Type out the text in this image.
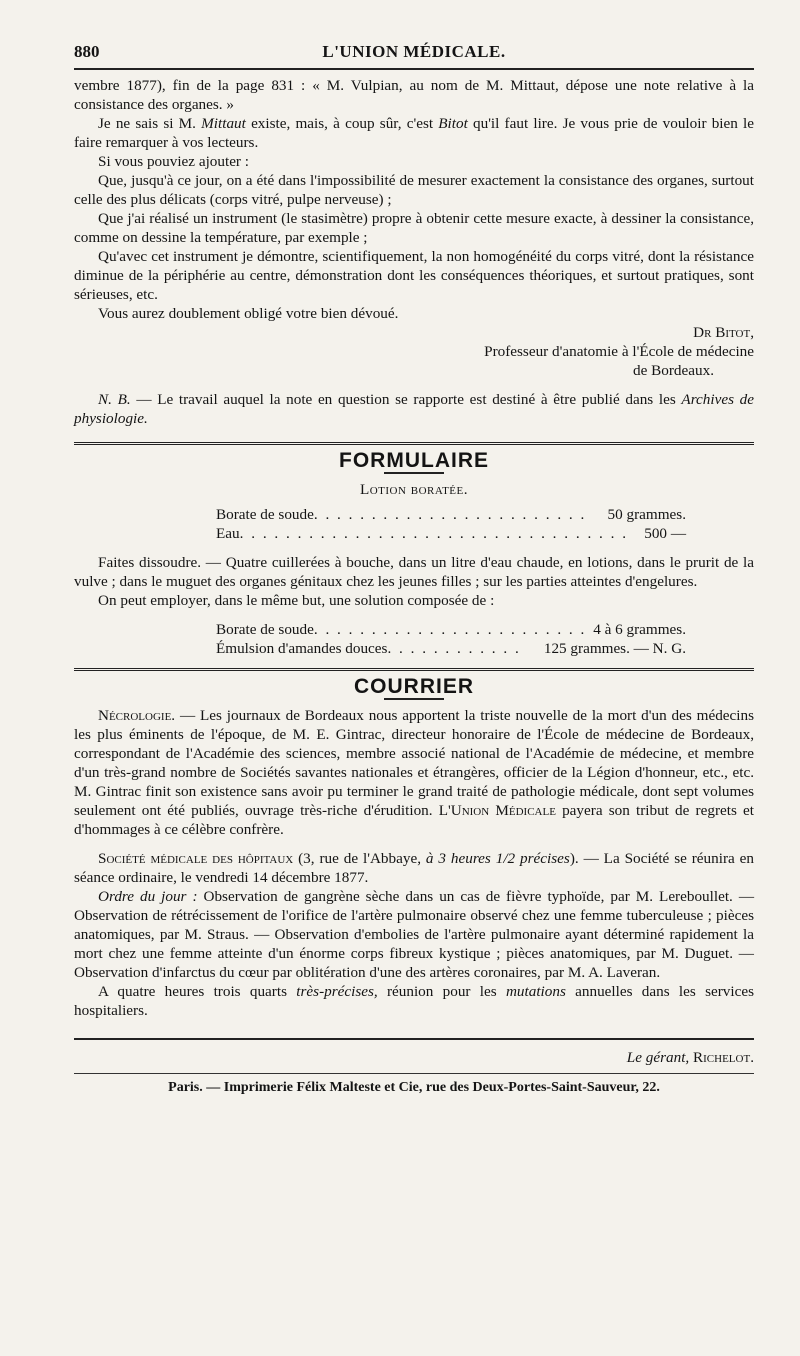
880	L'UNION MÉDICALE.

vembre 1877), fin de la page 831 : « M. Vulpian, au nom de M. Mittaut, dépose une note relative à la consistance des organes. »

Je ne sais si M. Mittaut existe, mais, à coup sûr, c'est Bitot qu'il faut lire. Je vous prie de vouloir bien le faire remarquer à vos lecteurs.

Si vous pouviez ajouter :

Que, jusqu'à ce jour, on a été dans l'impossibilité de mesurer exactement la consistance des organes, surtout celle des plus délicats (corps vitré, pulpe nerveuse) ;

Que j'ai réalisé un instrument (le stasimètre) propre à obtenir cette mesure exacte, à dessiner la consistance, comme on dessine la température, par exemple ;

Qu'avec cet instrument je démontre, scientifiquement, la non homogénéité du corps vitré, dont la résistance diminue de la périphérie au centre, démonstration dont les conséquences théoriques, et surtout pratiques, sont sérieuses, etc.

Vous aurez doublement obligé votre bien dévoué.

Dr Bitot,
Professeur d'anatomie à l'École de médecine
de Bordeaux.

N. B. — Le travail auquel la note en question se rapporte est destiné à être publié dans les Archives de physiologie.

FORMULAIRE
Lotion boratée.
Borate de soude . . . . . . . . . . . . . . . . . . . . . . . .	50 grammes.
Eau . . . . . . . . . . . . . . . . . . . . . . . . . . . . . . . . . .	500 —

Faites dissoudre. — Quatre cuillerées à bouche, dans un litre d'eau chaude, en lotions, dans le prurit de la vulve ; dans le muguet des organes génitaux chez les jeunes filles ; sur les parties atteintes d'engelures.

On peut employer, dans le même but, une solution composée de :

Borate de soude . . . . . . . . . . . . . . . . . . . . . . . . 4 à 6 grammes.
Émulsion d'amandes douces . . . . . . . . . . . .	125 grammes. — N. G.
COURRIER

Nécrologie. — Les journaux de Bordeaux nous apportent la triste nouvelle de la mort d'un des médecins les plus éminents de l'époque, de M. E. Gintrac, directeur honoraire de l'École de médecine de Bordeaux, correspondant de l'Académie des sciences, membre associé national de l'Académie de médecine, et membre d'un très-grand nombre de Sociétés savantes nationales et étrangères, officier de la Légion d'honneur, etc., etc. M. Gintrac finit son existence sans avoir pu terminer le grand traité de pathologie médicale, dont sept volumes seulement ont été publiés, ouvrage très-riche d'érudition. L'Union Médicale payera son tribut de regrets et d'hommages à ce célèbre confrère.

Société médicale des hôpitaux (3, rue de l'Abbaye, à 3 heures 1/2 précises). — La Société se réunira en séance ordinaire, le vendredi 14 décembre 1877.

Ordre du jour : Observation de gangrène sèche dans un cas de fièvre typhoïde, par M. Lereboullet. — Observation de rétrécissement de l'orifice de l'artère pulmonaire observé chez une femme tuberculeuse ; pièces anatomiques, par M. Straus. — Observation d'embolies de l'artère pulmonaire ayant déterminé rapidement la mort chez une femme atteinte d'un énorme corps fibreux kystique ; pièces anatomiques, par M. Duguet. — Observation d'infarctus du cœur par oblitération d'une des artères coronaires, par M. A. Laveran.

A quatre heures trois quarts très-précises, réunion pour les mutations annuelles dans les services hospitaliers.

Le gérant, Richelot.
Paris. — Imprimerie Félix Malteste et Cie, rue des Deux-Portes-Saint-Sauveur, 22.
